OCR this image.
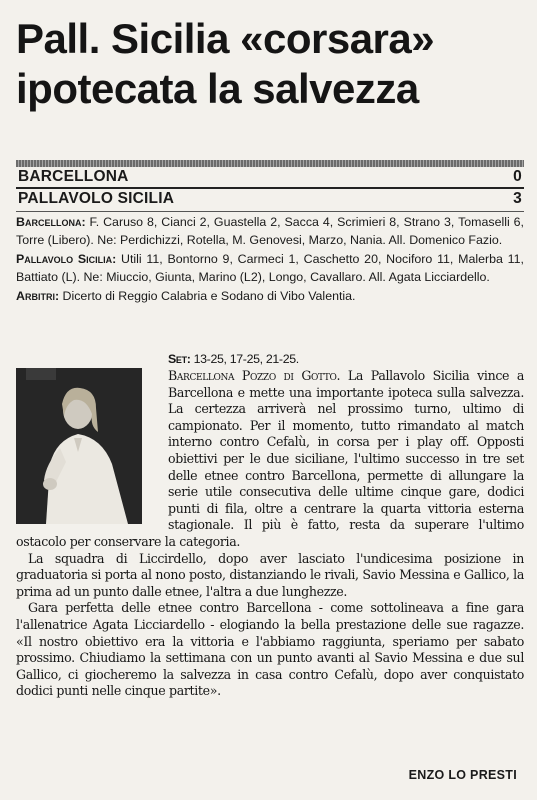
Pall. Sicilia «corsara»
ipotecata la salvezza
BARCELLONA	0
PALLAVOLO SICILIA	3

Barcellona: F. Caruso 8, Cianci 2, Guastella 2, Sacca 4, Scrimieri 8, Strano 3, Tomaselli 6, Torre (Libero). Ne: Perdichizzi, Rotella, M. Genovesi, Marzo, Nania. All. Domenico Fazio.

Pallavolo Sicilia: Utili 11, Bontorno 9, Carmeci 1, Caschetto 20, Nociforo 11, Malerba 11, Battiato (L). Ne: Miuccio, Giunta, Marino (L2), Longo, Cavallaro. All. Agata Licciardello.

Arbitri: Dicerto di Reggio Calabria e Sodano di Vibo Valentia.

Set: 13-25, 17-25, 21-25.

Barcellona Pozzo di Gotto. La Pallavolo Sicilia vince a Barcellona e mette una importante ipoteca sulla salvezza. La certezza arriverà nel prossimo turno, ultimo di campionato. Per il momento, tutto rimandato al match interno contro Cefalù, in corsa per i play off. Opposti obiettivi per le due siciliane, l'ultimo successo in tre set delle etnee contro Barcellona, permette di allungare la serie utile consecutiva delle ultime cinque gare, dodici punti di fila, oltre a centrare la quarta vittoria esterna stagionale. Il più è fatto, resta da superare l'ultimo ostacolo per conservare la categoria.

La squadra di Liccirdello, dopo aver lasciato l'undicesima posizione in graduatoria si porta al nono posto, distanziando le rivali, Savio Messina e Gallico, la prima ad un punto dalle etnee, l'altra a due lunghezze.

Gara perfetta delle etnee contro Barcellona - come sottolineava a fine gara l'allenatrice Agata Licciardello - elogiando la bella prestazione delle sue ragazze. «Il nostro obiettivo era la vittoria e l'abbiamo raggiunta, speriamo per sabato prossimo. Chiudiamo la settimana con un punto avanti al Savio Messina e due sul Gallico, ci giocheremo la salvezza in casa contro Cefalù, dopo aver conquistato dodici punti nelle cinque partite».

ENZO LO PRESTI
